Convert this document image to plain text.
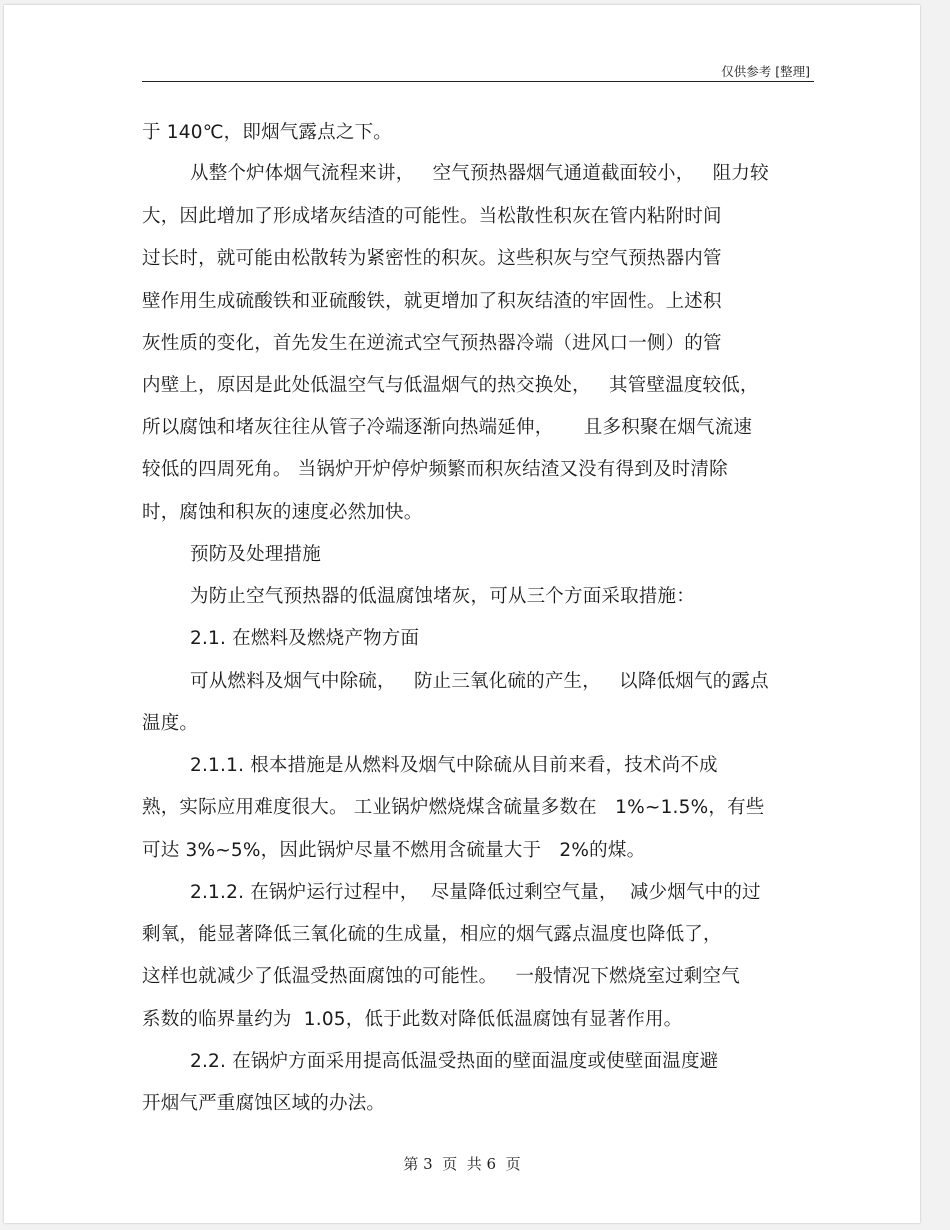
仅供参考 [整理]
于 140℃，即烟气露点之下。
从整个炉体烟气流程来讲，   空气预热器烟气通道截面较小，   阻力较
大，因此增加了形成堵灰结渣的可能性。当松散性积灰在管内粘附时间
过长时，就可能由松散转为紧密性的积灰。这些积灰与空气预热器内管
壁作用生成硫酸铁和亚硫酸铁，就更增加了积灰结渣的牢固性。上述积
灰性质的变化，首先发生在逆流式空气预热器冷端（进风口一侧）的管
内壁上，原因是此处低温空气与低温烟气的热交换处，   其管壁温度较低，
所以腐蚀和堵灰往往从管子冷端逐渐向热端延伸，     且多积聚在烟气流速
较低的四周死角。 当锅炉开炉停炉频繁而积灰结渣又没有得到及时清除
时，腐蚀和积灰的速度必然加快。
预防及处理措施
为防止空气预热器的低温腐蚀堵灰，可从三个方面采取措施：
2.1. 在燃料及燃烧产物方面
可从燃料及烟气中除硫，   防止三氧化硫的产生，   以降低烟气的露点
温度。
2.1.1. 根本措施是从燃料及烟气中除硫从目前来看，技术尚不成
熟，实际应用难度很大。 工业锅炉燃烧煤含硫量多数在   1%~1.5%，有些
可达 3%~5%，因此锅炉尽量不燃用含硫量大于   2%的煤。
2.1.2. 在锅炉运行过程中，  尽量降低过剩空气量，  减少烟气中的过
剩氧，能显著降低三氧化硫的生成量，相应的烟气露点温度也降低了，
这样也就减少了低温受热面腐蚀的可能性。   一般情况下燃烧室过剩空气
系数的临界量约为  1.05，低于此数对降低低温腐蚀有显著作用。
2.2. 在锅炉方面采用提高低温受热面的壁面温度或使壁面温度避
开烟气严重腐蚀区域的办法。
第 3  页  共 6  页
